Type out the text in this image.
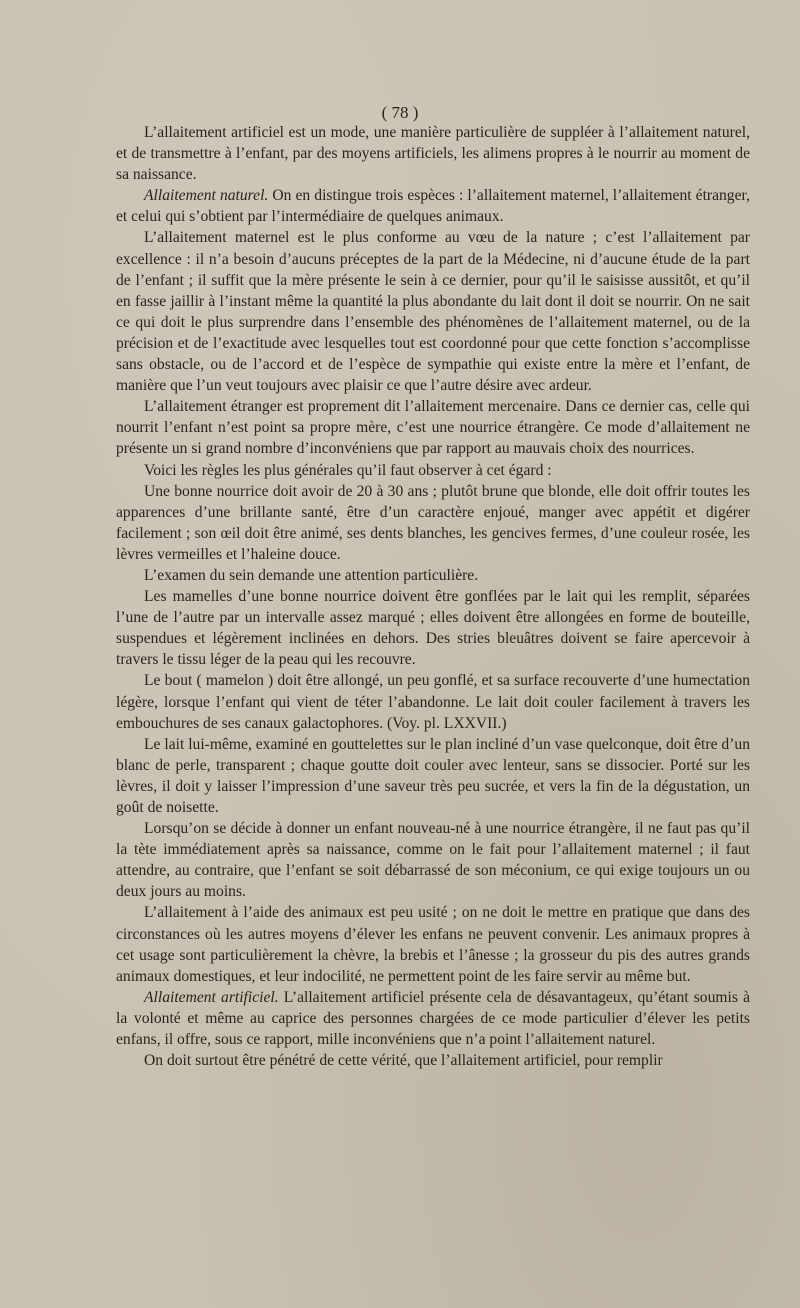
( 78 )

L’allaitement artificiel est un mode, une manière particulière de suppléer à l’allaitement naturel, et de transmettre à l’enfant, par des moyens artificiels, les alimens propres à le nourrir au moment de sa naissance.

Allaitement naturel. On en distingue trois espèces : l’allaitement maternel, l’allaitement étranger, et celui qui s’obtient par l’intermédiaire de quelques animaux.

L’allaitement maternel est le plus conforme au vœu de la nature ; c’est l’allaitement par excellence : il n’a besoin d’aucuns préceptes de la part de la Médecine, ni d’aucune étude de la part de l’enfant ; il suffit que la mère présente le sein à ce dernier, pour qu’il le saisisse aussitôt, et qu’il en fasse jaillir à l’instant même la quantité la plus abondante du lait dont il doit se nourrir. On ne sait ce qui doit le plus surprendre dans l’ensemble des phénomènes de l’allaitement maternel, ou de la précision et de l’exactitude avec lesquelles tout est coordonné pour que cette fonction s’accomplisse sans obstacle, ou de l’accord et de l’espèce de sympathie qui existe entre la mère et l’enfant, de manière que l’un veut toujours avec plaisir ce que l’autre désire avec ardeur.

L’allaitement étranger est proprement dit l’allaitement mercenaire. Dans ce dernier cas, celle qui nourrit l’enfant n’est point sa propre mère, c’est une nourrice étrangère. Ce mode d’allaitement ne présente un si grand nombre d’inconvéniens que par rapport au mauvais choix des nourrices.

Voici les règles les plus générales qu’il faut observer à cet égard :

Une bonne nourrice doit avoir de 20 à 30 ans ; plutôt brune que blonde, elle doit offrir toutes les apparences d’une brillante santé, être d’un caractère enjoué, manger avec appétit et digérer facilement ; son œil doit être animé, ses dents blanches, les gencives fermes, d’une couleur rosée, les lèvres vermeilles et l’haleine douce.

L’examen du sein demande une attention particulière.

Les mamelles d’une bonne nourrice doivent être gonflées par le lait qui les remplit, séparées l’une de l’autre par un intervalle assez marqué ; elles doivent être allongées en forme de bouteille, suspendues et légèrement inclinées en dehors. Des stries bleuâtres doivent se faire apercevoir à travers le tissu léger de la peau qui les recouvre.

Le bout ( mamelon ) doit être allongé, un peu gonflé, et sa surface recouverte d’une humectation légère, lorsque l’enfant qui vient de téter l’abandonne. Le lait doit couler facilement à travers les embouchures de ses canaux galactophores. (Voy. pl. LXXVII.)

Le lait lui-même, examiné en gouttelettes sur le plan incliné d’un vase quelconque, doit être d’un blanc de perle, transparent ; chaque goutte doit couler avec lenteur, sans se dissocier. Porté sur les lèvres, il doit y laisser l’impression d’une saveur très peu sucrée, et vers la fin de la dégustation, un goût de noisette.

Lorsqu’on se décide à donner un enfant nouveau-né à une nourrice étrangère, il ne faut pas qu’il la tète immédiatement après sa naissance, comme on le fait pour l’allaitement maternel ; il faut attendre, au contraire, que l’enfant se soit débarrassé de son méconium, ce qui exige toujours un ou deux jours au moins.

L’allaitement à l’aide des animaux est peu usité ; on ne doit le mettre en pratique que dans des circonstances où les autres moyens d’élever les enfans ne peuvent convenir. Les animaux propres à cet usage sont particulièrement la chèvre, la brebis et l’ânesse ; la grosseur du pis des autres grands animaux domestiques, et leur indocilité, ne permettent point de les faire servir au même but.

Allaitement artificiel. L’allaitement artificiel présente cela de désavantageux, qu’étant soumis à la volonté et même au caprice des personnes chargées de ce mode particulier d’élever les petits enfans, il offre, sous ce rapport, mille inconvéniens que n’a point l’allaitement naturel.

On doit surtout être pénétré de cette vérité, que l’allaitement artificiel, pour remplir
